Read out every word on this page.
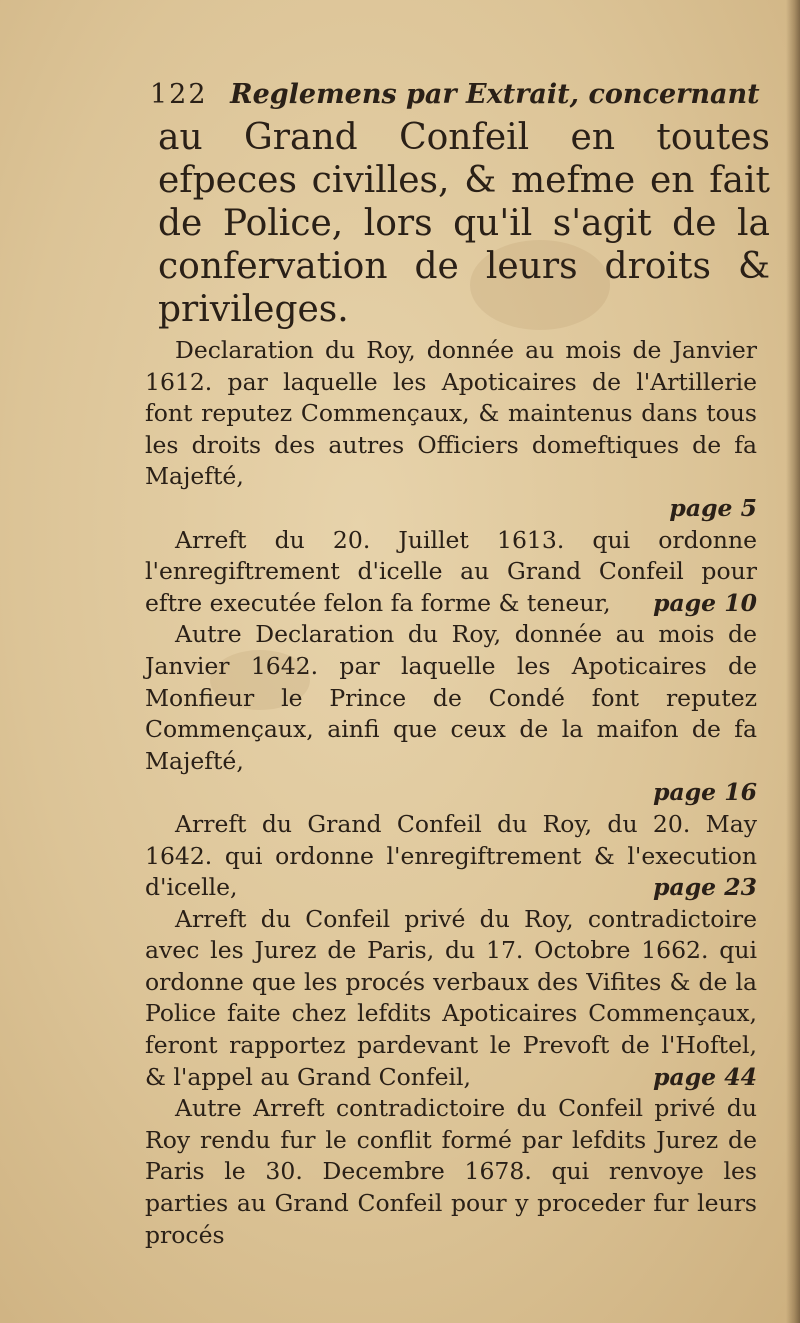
122 Reglemens par Extrait, concernant
au Grand Confeil en toutes efpeces civilles, & mefme en fait de Police, lors qu'il s'agit de la confervation de leurs droits & privileges.

Declaration du Roy, donnée au mois de Janvier 1612. par laquelle les Apoticaires de l'Artillerie font reputez Commençaux, & maintenus dans tous les droits des autres Officiers domeftiques de fa Majefté,
page 5

Arreft du 20. Juillet 1613. qui ordonne l'enregiftrement d'icelle au Grand Confeil pour eftre executée felon fa forme & teneur, page 10

Autre Declaration du Roy, donnée au mois de Janvier 1642. par laquelle les Apoticaires de Monfieur le Prince de Condé font reputez Commençaux, ainfi que ceux de la maifon de fa Majefté,
page 16

Arreft du Grand Confeil du Roy, du 20. May 1642. qui ordonne l'enregiftrement & l'execution d'icelle,	page 23

Arreft du Confeil privé du Roy, contradictoire avec les Jurez de Paris, du 17. Octobre 1662. qui ordonne que les procés verbaux des Vifites & de la Police faite chez lefdits Apoticaires Commençaux, feront rapportez pardevant le Prevoft de l'Hoftel, & l'appel au Grand Confeil,	page 44

Autre Arreft contradictoire du Confeil privé du Roy rendu fur le conflit formé par lefdits Jurez de Paris le 30. Decembre 1678. qui renvoye les parties au Grand Confeil pour y proceder fur leurs procés
